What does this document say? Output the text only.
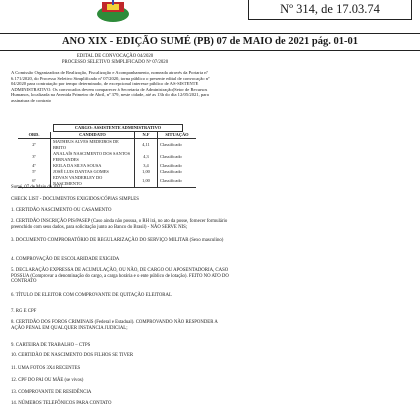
Nº 314, de 17.03.74
ANO XIX - EDIÇÃO SUMÉ (PB) 07 de MAIO de 2021 pág. 01-01
EDITAL DE CONVOCAÇÃO 04/2020
PROCESSO SELETIVO SIMPLIFICADO Nº 07/2020

A Comissão Organizadora de Realização, Fiscalização e Acompanhamento, nomeada através da Portaria nº 6.171/2020, do Processo Seletivo Simplificado nº 07/2020, torna público o presente edital de convocação nº 04/2020 para contratação por tempo determinado, de excepcional interesse público de AS-SISTENTE ADMINISTRATIVO. Os convocados devem comparecer à Secretaria de Administração(Setor de Recursos Humanos, localizada na Avenida Primeiro de Abril, nº 379, neste cidade, até as 13h do dia 12/05/2021, para assinatura de contrato

CARGO: ASSISTENTE ADMINISTRATIVO
ORD.	CANDIDATO	N.F	SITUAÇÃO
2º	MATHEUS ALVES MEDEIROS DE BRITO	4,11	Classificado
3º	ANALAÍS NASCIMENTO DOS SANTOS FERNANDES	4,3	Classificado
4º	KEILA DA SILVA SOUSA	3,4	Classificado
5º	JOSÉ LUIS DANTAS GOMES	1,00	Classificado
6º	EDVAN VANDERLEY DO NASCIMENTO	1,00	Classificado
Sumé, 07 de Maio de 2021
CHECK LIST - DOCUMENTOS EXIGIDOS/CÓPIAS SIMPLES
1. CERTIDÃO NASCIMENTO OU CASAMENTO
2. CERTIDÃO INSCRIÇÃO PIS/PASEP (Caso ainda não possua, o RH irá, no ato da posse, fornecer formulário preenchido com seus dados, para solicitação junto ao Banco do Brasil) - NÃO SERVE NIS;
3. DOCUMENTO COMPROBATÓRIO DE REGULARIZAÇÃO DO SERVIÇO MILITAR (Sexo masculino)
4. COMPROVAÇÃO DE ESCOLARIDADE EXIGIDA
5. DECLARAÇÃO EXPRESSA DE ACUMULAÇÃO, OU NÃO, DE CARGO OU APOSENTADORIA, CASO POSSUA (Comprovar a denominação do cargo, a carga horária e o ente público de lotação). FEITO NO ATO DO CONTRATO
6. TÍTULO DE ELEITOR COM COMPROVANTE DE QUITAÇÃO ELEITORAL
7. RG E CPF
8. CERTIDÃO DOS FOROS CRIMINAIS (Federal e Estadual). COMPROVANDO NÃO RESPONDER A AÇÃO PENAL EM QUALQUER INSTANCIA JUDICIAL;
9. CARTEIRA DE TRABALHO – CTPS
10. CERTIDÃO DE NASCIMENTO DOS FILHOS SE TIVER
11. UMA FOTOS 3X4 RECENTES
12. CPF DO PAI OU MÃE (se vivos)
13. COMPROVANTE DE RESIDÊNCIA
14. NÚMEROS TELEFÔNICOS PARA CONTATO
